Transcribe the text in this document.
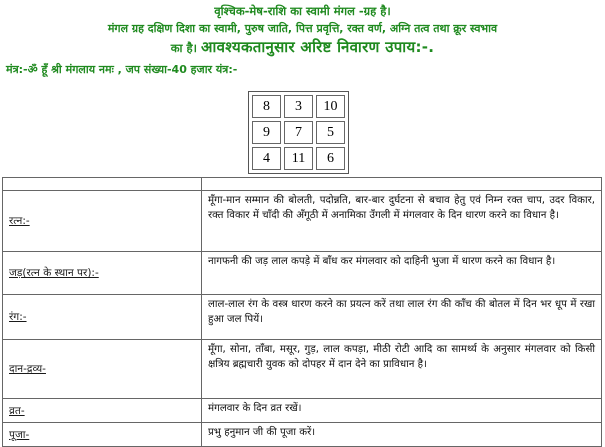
वृश्चिक-मेष-राशि का स्वामी मंगल -ग्रह है।
मंगल ग्रह दक्षिण दिशा का स्वामी, पुरुष जाति, पित्त प्रवृत्ति, रक्त वर्ण, अग्नि तत्व तथा क्रूर स्वभाव
का है। आवश्यकतानुसार अरिष्ट निवारण उपाय:-.
मंत्र:-ॐ हूँ श्री मंगलाय नमः , जप संख्या-40 हजार यंत्र:-
8	3	10
9	7	5
4	11	6

रत्न:-	मूँगा-मान सम्मान की बोलती, पदोन्नति, बार-बार दुर्घटना से बचाव हेतु एवं निम्न रक्त चाप, उदर विकार, रक्त विकार में चाँदी की अँगूठी में अनामिका उँगली में मंगलवार के दिन धारण करने का विधान है।
जड़(रत्न के स्थान पर):-	नागफनी की जड़ लाल कपड़े में बाँध कर मंगलवार को दाहिनी भुजा में धारण करने का विधान है।
रंग:-	लाल-लाल रंग के वस्त्र धारण करने का प्रयत्न करें तथा लाल रंग की काँच की बोतल में दिन भर धूप में रखा हुआ जल पियें।
दान-द्रव्य-	मूँगा, सोना, ताँबा, मसूर, गुड़, लाल कपड़ा, मीठी रोटी आदि का सामर्थ्य के अनुसार मंगलवार को किसी क्षत्रिय ब्रह्मचारी युवक को दोपहर में दान देने का प्राविधान है।
व्रत-	मंगलवार के दिन व्रत रखें।
पूजा-	प्रभु हनुमान जी की पूजा करें।
